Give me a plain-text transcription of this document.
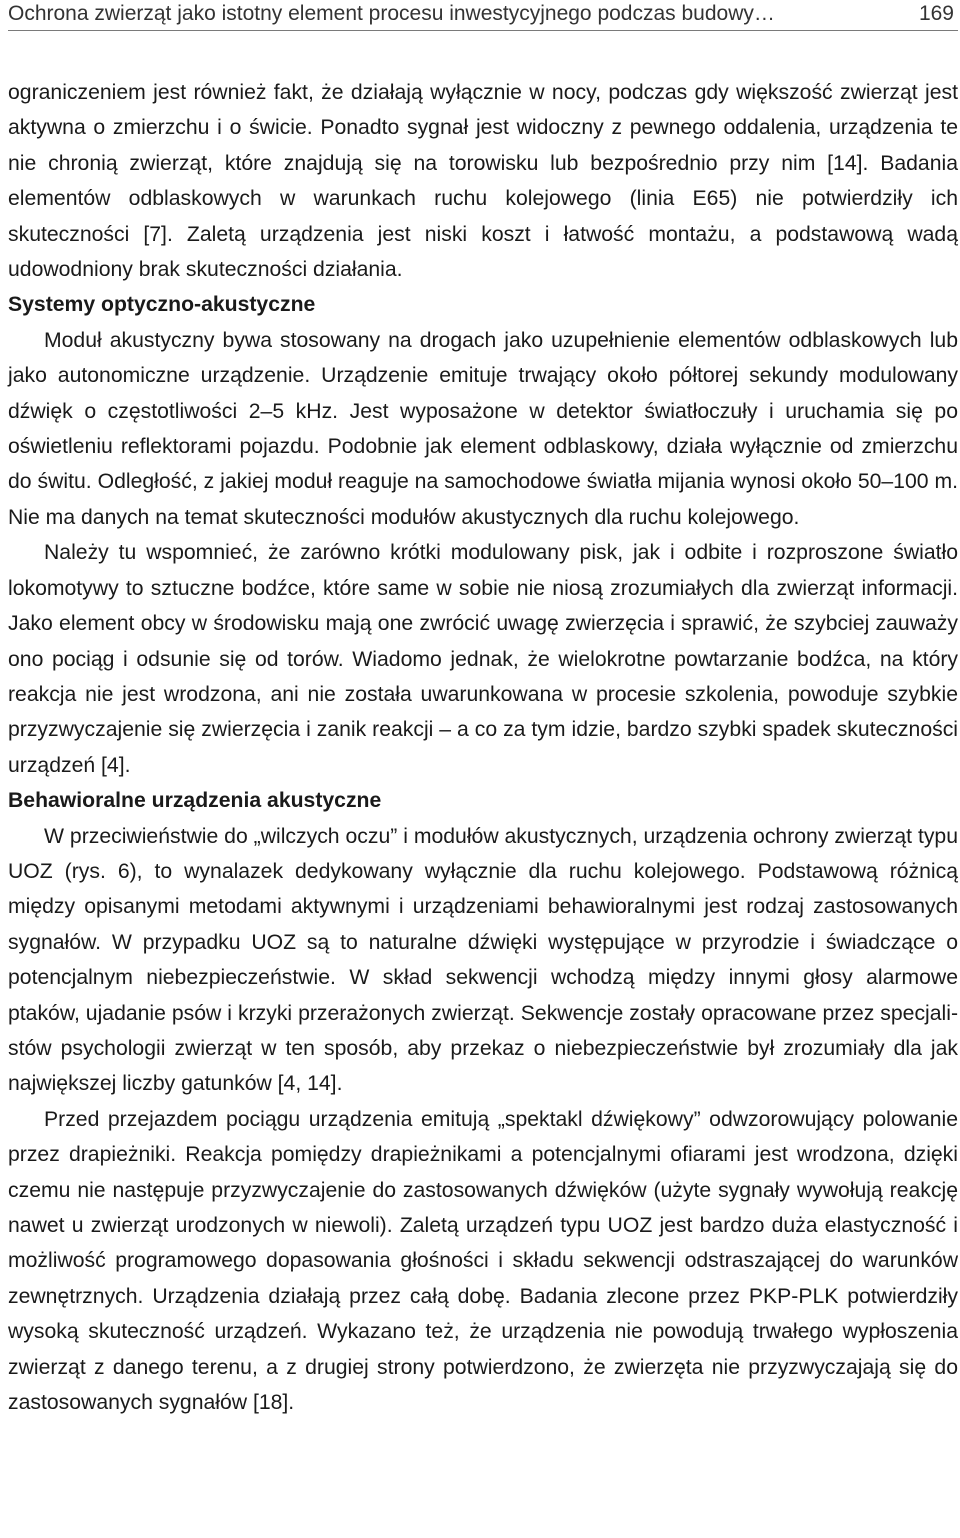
Ochrona zwierząt jako istotny element procesu inwestycyjnego podczas budowy…	169

ograniczeniem jest również fakt, że działają wyłącznie w nocy, podczas gdy większość zwierząt jest aktywna o zmierzchu i o świcie. Ponadto sygnał jest widoczny z pewnego oddalenia, urządzenia te nie chronią zwierząt, które znajdują się na torowisku lub bezpośrednio przy nim [14]. Badania elementów odblaskowych w warunkach ruchu kolejowego (linia E65) nie potwierdziły ich skuteczności [7]. Zaletą urządzenia jest niski koszt i łatwość montażu, a podstawową wadą udowodniony brak skuteczności działania.

Systemy optyczno-akustyczne

Moduł akustyczny bywa stosowany na drogach jako uzupełnienie elementów odblaskowych lub jako autonomiczne urządzenie. Urządzenie emituje trwający około półtorej sekundy modulowany dźwięk o częstotliwości 2–5 kHz. Jest wyposażone w detektor światłoczuły i uruchamia się po oświetleniu reflektorami pojazdu. Podobnie jak element odblaskowy, działa wyłącznie od zmierzchu do świtu. Odległość, z jakiej moduł reaguje na samochodowe światła mijania wynosi około 50–100 m. Nie ma danych na temat skuteczności modułów akustycznych dla ruchu kolejowego.

Należy tu wspomnieć, że zarówno krótki modulowany pisk, jak i odbite i rozproszone światło lokomotywy to sztuczne bodźce, które same w sobie nie niosą zrozumiałych dla zwierząt informacji. Jako element obcy w środowisku mają one zwrócić uwagę zwierzęcia i sprawić, że szybciej zauważy ono pociąg i odsunie się od torów. Wiadomo jednak, że wielokrotne powtarzanie bodźca, na który reakcja nie jest wrodzona, ani nie została uwarunkowana w procesie szkolenia, powoduje szybkie przyzwyczajenie się zwierzęcia i zanik reakcji – a co za tym idzie, bardzo szybki spadek skuteczności urządzeń [4].

Behawioralne urządzenia akustyczne

W przeciwieństwie do „wilczych oczu” i modułów akustycznych, urządzenia ochrony zwierząt typu UOZ (rys. 6), to wynalazek dedykowany wyłącznie dla ruchu kolejowego. Podstawową różnicą między opisanymi metodami aktywnymi i urządzeniami behawioralnymi jest rodzaj zastosowanych sygnałów. W przypadku UOZ są to naturalne dźwięki występujące w przyrodzie i świadczące o potencjalnym niebezpieczeństwie. W skład sekwencji wchodzą między innymi głosy alarmowe ptaków, ujadanie psów i krzyki przerażonych zwierząt. Sekwencje zostały opracowane przez specjalistów psychologii zwierząt w ten sposób, aby przekaz o niebezpieczeństwie był zrozumiały dla jak największej liczby gatunków [4, 14].

Przed przejazdem pociągu urządzenia emitują „spektakl dźwiękowy” odwzorowujący polowanie przez drapieżniki. Reakcja pomiędzy drapieżnikami a potencjalnymi ofiarami jest wrodzona, dzięki czemu nie następuje przyzwyczajenie do zastosowanych dźwięków (użyte sygnały wywołują reakcję nawet u zwierząt urodzonych w niewoli). Zaletą urządzeń typu UOZ jest bardzo duża elastyczność i możliwość programowego dopasowania głośności i składu sekwencji odstraszającej do warunków zewnętrznych. Urządzenia działają przez całą dobę. Badania zlecone przez PKP-PLK potwierdziły wysoką skuteczność urządzeń. Wykazano też, że urządzenia nie powodują trwałego wypłoszenia zwierząt z danego terenu, a z drugiej strony potwierdzono, że zwierzęta nie przyzwyczajają się do zastosowanych sygnałów [18].
